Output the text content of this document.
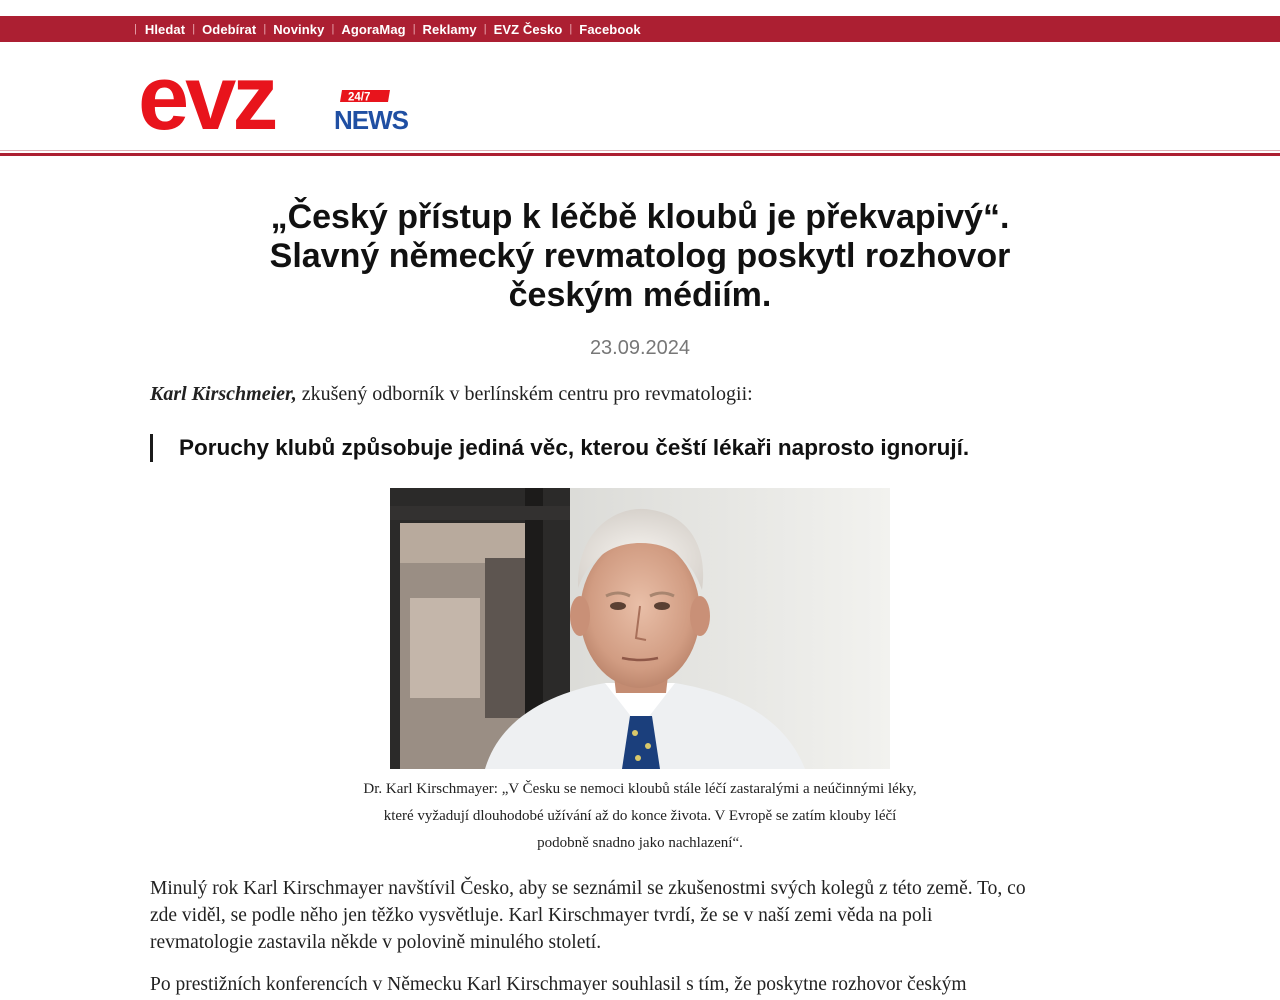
| Hledat | Odebírat | Novinky | AgoraMag | Reklamy | EVZ Česko | Facebook
evz	24/7
NEWS
„Český přístup k léčbě kloubů je překvapivý“.
Slavný německý revmatolog poskytl rozhovor
českým médiím.
23.09.2024

Karl Kirschmeier, zkušený odborník v berlínském centru pro revmatologii:

Poruchy klubů způsobuje jediná věc, kterou čeští lékaři naprosto ignorují.
Dr. Karl Kirschmayer: „V Česku se nemoci kloubů stále léčí zastaralými a neúčinnými léky,
které vyžadují dlouhodobé užívání až do konce života. V Evropě se zatím klouby léčí
podobně snadno jako nachlazení“.

Minulý rok Karl Kirschmayer navštívil Česko, aby se seznámil se zkušenostmi svých kolegů z této země. To, co
zde viděl, se podle něho jen těžko vysvětluje. Karl Kirschmayer tvrdí, že se v naší zemi věda na poli
revmatologie zastavila někde v polovině minulého století.

Po prestižních konferencích v Německu Karl Kirschmayer souhlasil s tím, že poskytne rozhovor českým
